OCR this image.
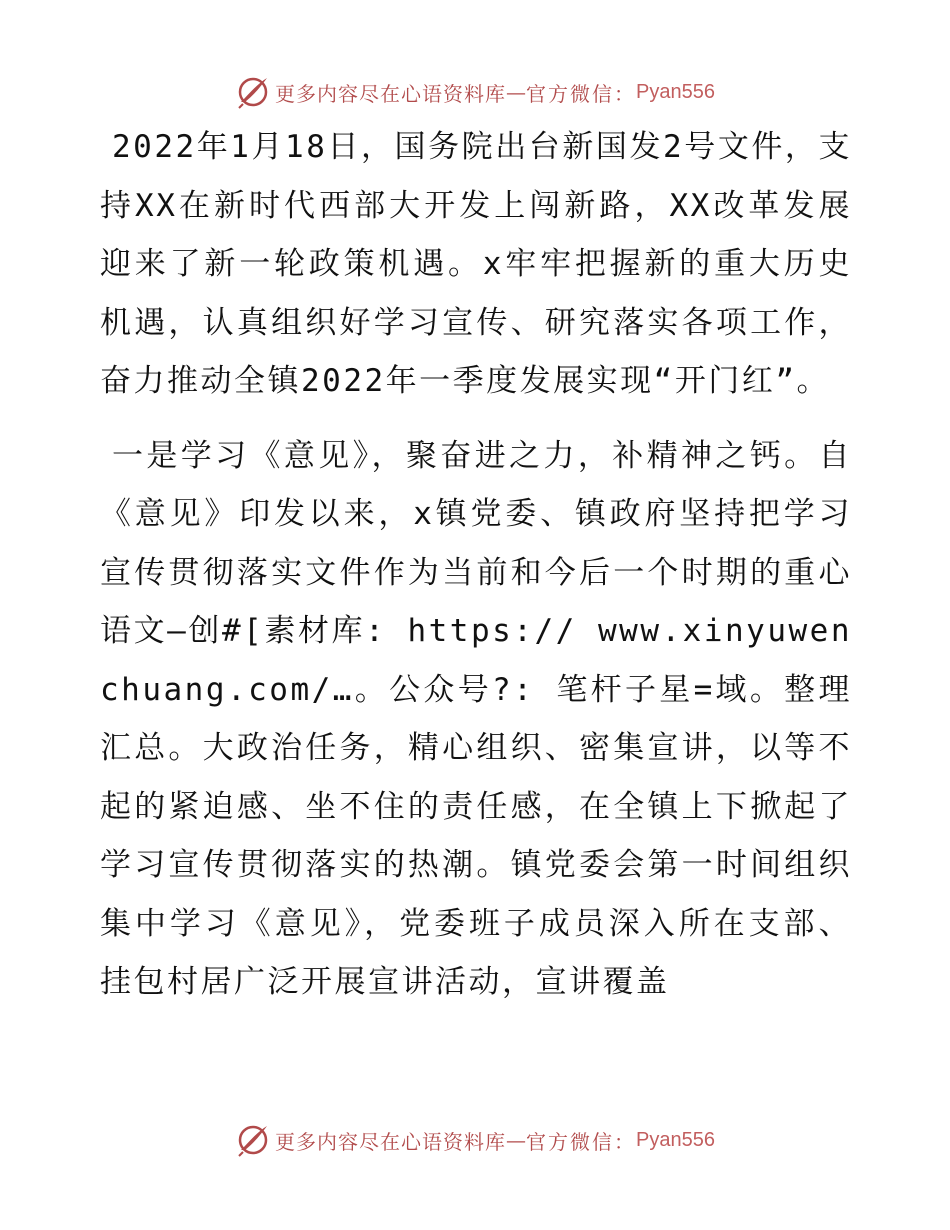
更多内容尽在心语资料库 — 官方微信： Pyan556

2022年1月18日，国务院出台新国发2号文件，支持XX在新时代西部大开发上闯新路，XX改革发展迎来了新一轮政策机遇。x牢牢把握新的重大历史机遇，认真组织好学习宣传、研究落实各项工作，奋力推动全镇2022年一季度发展实现“开门红”。

一是学习《意见》，聚奋进之力，补精神之钙。自《意见》印发以来，x镇党委、镇政府坚持把学习宣传贯彻落实文件作为当前和今后一个时期的重心语文—创#[素材库: https:// www.xinyuwenchuang.com/…。公众号?: 笔杆子星=域。整理汇总。大政治任务，精心组织、密集宣讲，以等不起的紧迫感、坐不住的责任感，在全镇上下掀起了学习宣传贯彻落实的热潮。镇党委会第一时间组织集中学习《意见》，党委班子成员深入所在支部、挂包村居广泛开展宣讲活动，宣讲覆盖

更多内容尽在心语资料库 — 官方微信： Pyan556
